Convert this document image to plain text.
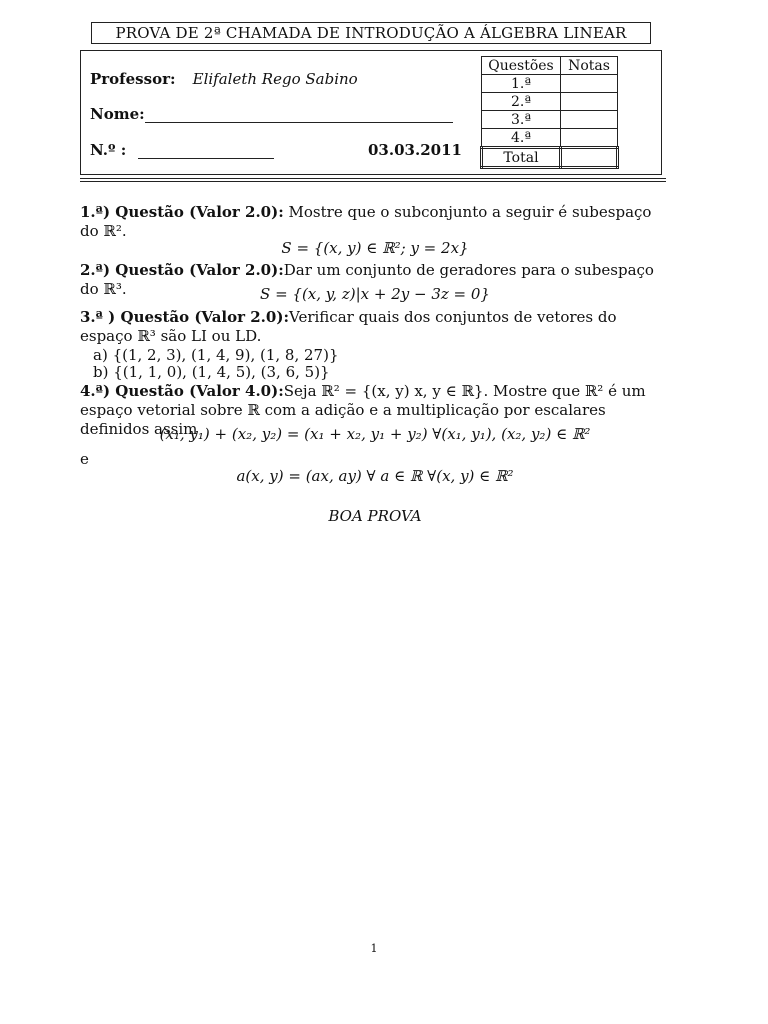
PROVA DE 2ª CHAMADA DE INTRODUÇÃO A ÁLGEBRA LINEAR
Professor: Elifaleth Rego Sabino
Nome:
N.º :	03.03.2011
Questões	Notas
1.ª	
2.ª	
3.ª	
4.ª	
Total	
1.ª) Questão (Valor 2.0): Mostre que o subconjunto a seguir é subespaço do ℝ².
S = {(x, y) ∈ ℝ²; y = 2x}
2.ª) Questão (Valor 2.0):Dar um conjunto de geradores para o subespaço do ℝ³.	S = {(x, y, z)|x + 2y − 3z = 0}
3.ª ) Questão (Valor 2.0):Verificar quais dos conjuntos de vetores do espaço ℝ³ são LI ou LD.
a) {(1, 2, 3), (1, 4, 9), (1, 8, 27)}
b) {(1, 1, 0), (1, 4, 5), (3, 6, 5)}
4.ª) Questão (Valor 4.0):Seja ℝ² = {(x, y) x, y ∈ ℝ}. Mostre que ℝ² é um espaço vetorial sobre ℝ com a adição e a multiplicação por escalares definidos assim
(x₁, y₁) + (x₂, y₂) = (x₁ + x₂, y₁ + y₂) ∀(x₁, y₁), (x₂, y₂) ∈ ℝ²
e
a(x, y) = (ax, ay) ∀ a ∈ ℝ ∀(x, y) ∈ ℝ²
BOA PROVA
1
